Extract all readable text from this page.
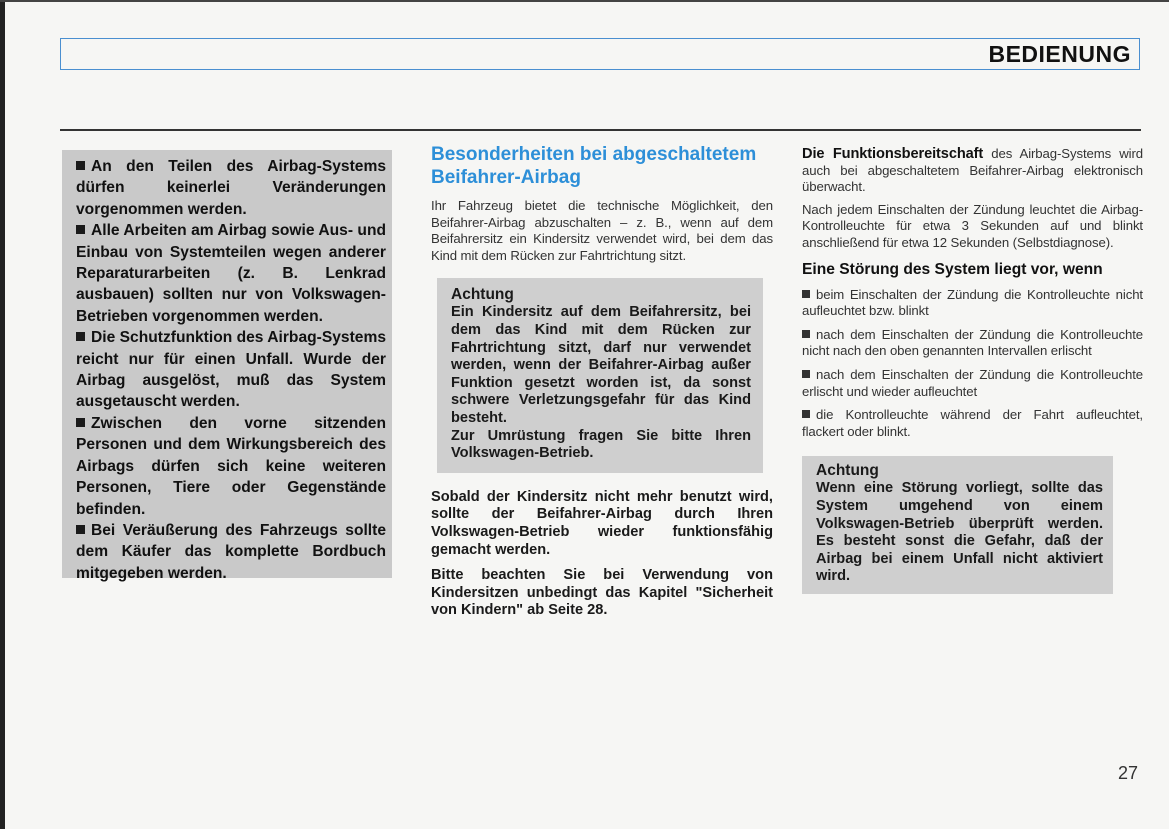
BEDIENUNG

An den Teilen des Airbag-Systems dürfen keinerlei Veränderungen vorgenommen werden.

Alle Arbeiten am Airbag sowie Aus- und Einbau von Systemteilen wegen anderer Reparaturarbeiten (z. B. Lenkrad ausbauen) sollten nur von Volkswagen-Betrieben vorgenommen werden.

Die Schutzfunktion des Airbag-Systems reicht nur für einen Unfall. Wurde der Airbag ausgelöst, muß das System ausgetauscht werden.

Zwischen den vorne sitzenden Personen und dem Wirkungsbereich des Airbags dürfen sich keine weiteren Personen, Tiere oder Gegenstände befinden.

Bei Veräußerung des Fahrzeugs sollte dem Käufer das komplette Bordbuch mitgegeben werden.

Besonderheiten bei abgeschaltetem Beifahrer-Airbag

Ihr Fahrzeug bietet die technische Möglichkeit, den Beifahrer-Airbag abzuschalten – z. B., wenn auf dem Beifahrersitz ein Kindersitz verwendet wird, bei dem das Kind mit dem Rücken zur Fahrtrichtung sitzt.

Achtung

Ein Kindersitz auf dem Beifahrersitz, bei dem das Kind mit dem Rücken zur Fahrtrichtung sitzt, darf nur verwendet werden, wenn der Beifahrer-Airbag außer Funktion gesetzt worden ist, da sonst schwere Verletzungsgefahr für das Kind besteht.

Zur Umrüstung fragen Sie bitte Ihren Volkswagen-Betrieb.

Sobald der Kindersitz nicht mehr benutzt wird, sollte der Beifahrer-Airbag durch Ihren Volkswagen-Betrieb wieder funktionsfähig gemacht werden.

Bitte beachten Sie bei Verwendung von Kindersitzen unbedingt das Kapitel "Sicherheit von Kindern" ab Seite 28.

Die Funktionsbereitschaft des Airbag-Systems wird auch bei abgeschaltetem Beifahrer-Airbag elektronisch überwacht.

Nach jedem Einschalten der Zündung leuchtet die Airbag-Kontrolleuchte für etwa 3 Sekunden auf und blinkt anschließend für etwa 12 Sekunden (Selbstdiagnose).

Eine Störung des System liegt vor, wenn

beim Einschalten der Zündung die Kontrolleuchte nicht aufleuchtet bzw. blinkt

nach dem Einschalten der Zündung die Kontrolleuchte nicht nach den oben genannten Intervallen erlischt

nach dem Einschalten der Zündung die Kontrolleuchte erlischt und wieder aufleuchtet

die Kontrolleuchte während der Fahrt aufleuchtet, flackert oder blinkt.

Achtung

Wenn eine Störung vorliegt, sollte das System umgehend von einem Volkswagen-Betrieb überprüft werden. Es besteht sonst die Gefahr, daß der Airbag bei einem Unfall nicht aktiviert wird.

27
